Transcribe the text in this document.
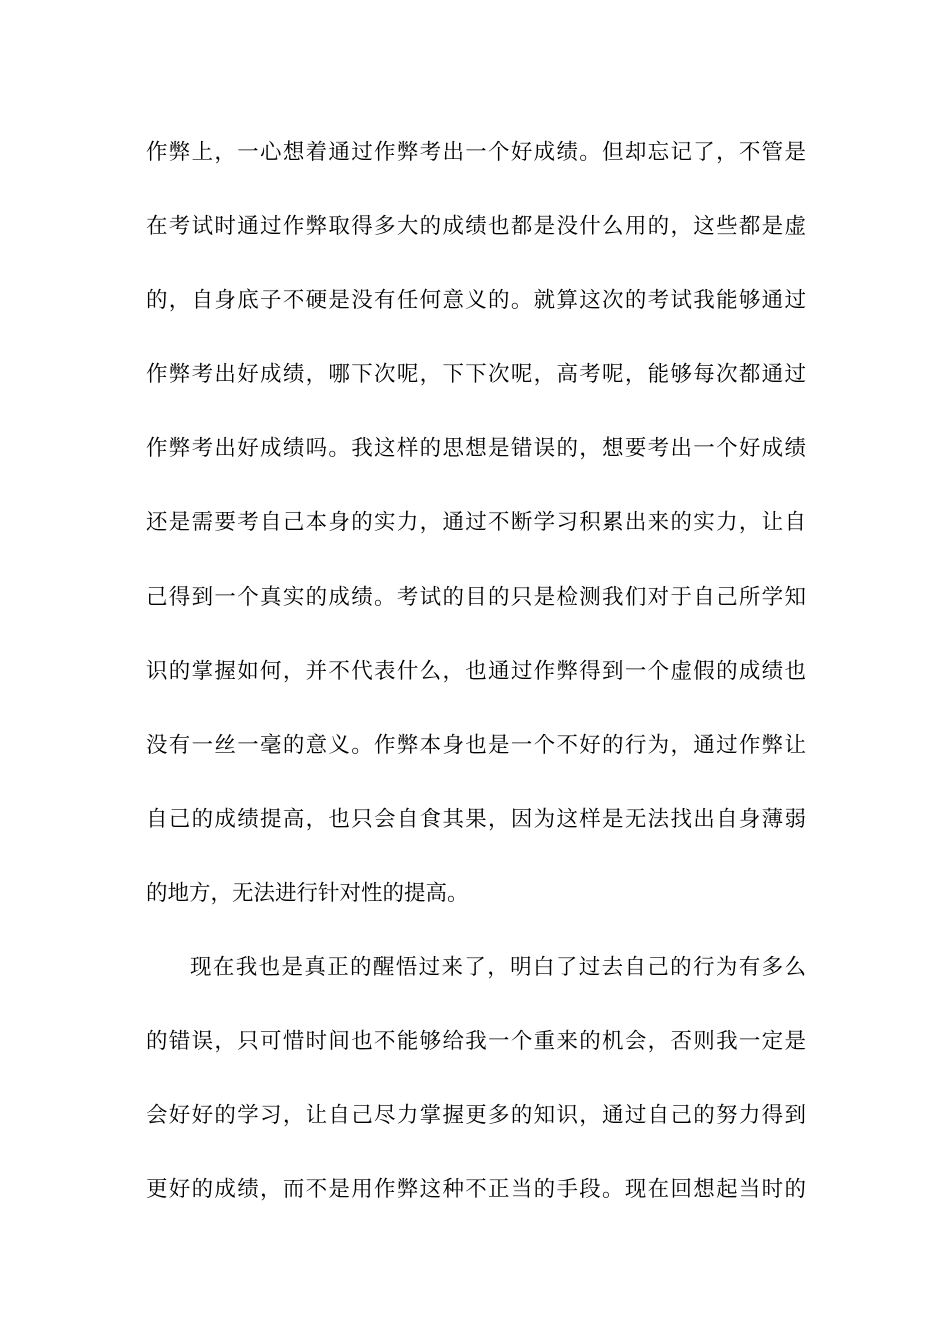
作弊上，一心想着通过作弊考出一个好成绩。但却忘记了，不管是
在考试时通过作弊取得多大的成绩也都是没什么用的，这些都是虚
的，自身底子不硬是没有任何意义的。就算这次的考试我能够通过
作弊考出好成绩，哪下次呢，下下次呢，高考呢，能够每次都通过
作弊考出好成绩吗。我这样的思想是错误的，想要考出一个好成绩
还是需要考自己本身的实力，通过不断学习积累出来的实力，让自
己得到一个真实的成绩。考试的目的只是检测我们对于自己所学知
识的掌握如何，并不代表什么，也通过作弊得到一个虚假的成绩也
没有一丝一毫的意义。作弊本身也是一个不好的行为，通过作弊让
自己的成绩提高，也只会自食其果，因为这样是无法找出自身薄弱
的地方，无法进行针对性的提高。
现在我也是真正的醒悟过来了，明白了过去自己的行为有多么
的错误，只可惜时间也不能够给我一个重来的机会，否则我一定是
会好好的学习，让自己尽力掌握更多的知识，通过自己的努力得到
更好的成绩，而不是用作弊这种不正当的手段。现在回想起当时的
